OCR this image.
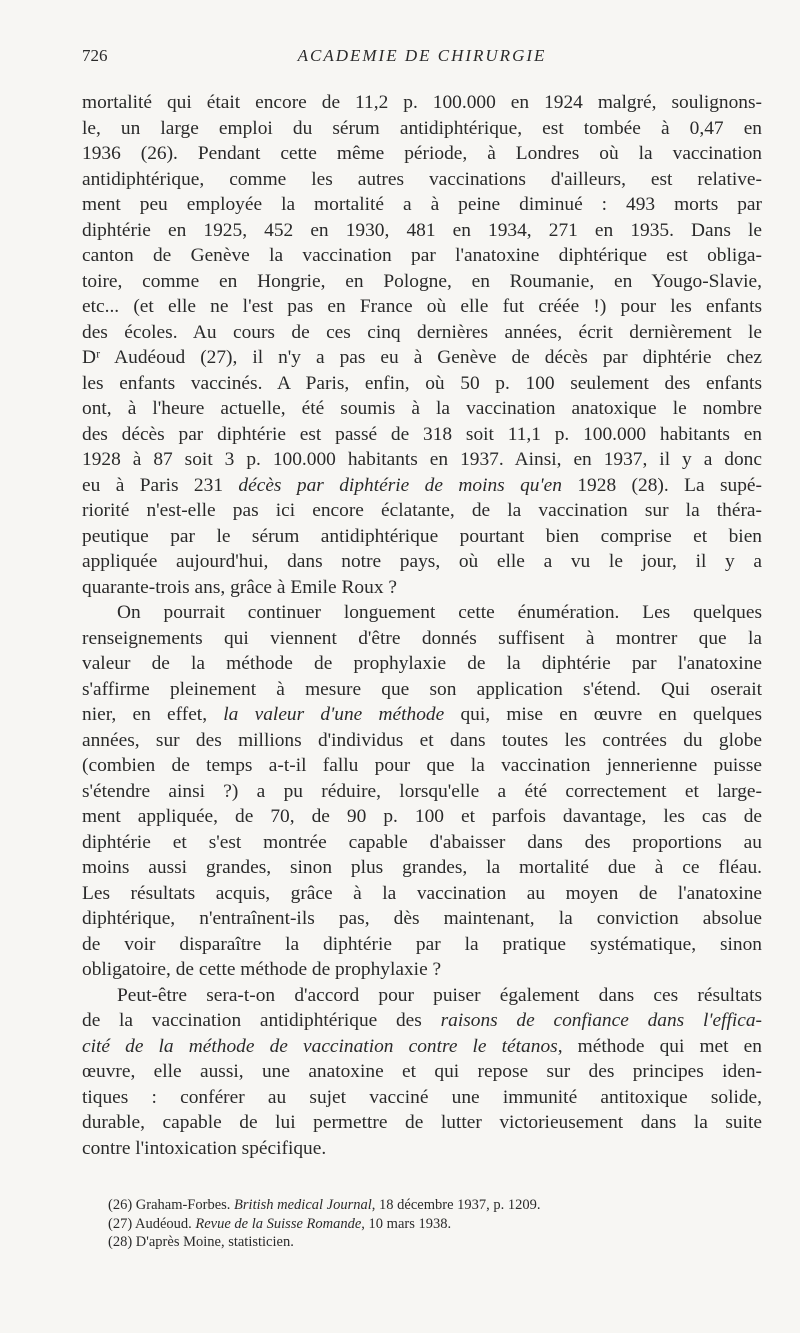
726	ACADEMIE DE CHIRURGIE
mortalité qui était encore de 11,2 p. 100.000 en 1924 malgré, soulignons-
le, un large emploi du sérum antidiphtérique, est tombée à 0,47 en
1936 (26). Pendant cette même période, à Londres où la vaccination
antidiphtérique, comme les autres vaccinations d'ailleurs, est relative-
ment peu employée la mortalité a à peine diminué : 493 morts par
diphtérie en 1925, 452 en 1930, 481 en 1934, 271 en 1935. Dans le
canton de Genève la vaccination par l'anatoxine diphtérique est obliga-
toire, comme en Hongrie, en Pologne, en Roumanie, en Yougo-Slavie,
etc... (et elle ne l'est pas en France où elle fut créée !) pour les enfants
des écoles. Au cours de ces cinq dernières années, écrit dernièrement le
Dʳ Audéoud (27), il n'y a pas eu à Genève de décès par diphtérie chez
les enfants vaccinés. A Paris, enfin, où 50 p. 100 seulement des enfants
ont, à l'heure actuelle, été soumis à la vaccination anatoxique le nombre
des décès par diphtérie est passé de 318 soit 11,1 p. 100.000 habitants en
1928 à 87 soit 3 p. 100.000 habitants en 1937. Ainsi, en 1937, il y a donc
eu à Paris 231 décès par diphtérie de moins qu'en 1928 (28). La supé-
riorité n'est-elle pas ici encore éclatante, de la vaccination sur la théra-
peutique par le sérum antidiphtérique pourtant bien comprise et bien
appliquée aujourd'hui, dans notre pays, où elle a vu le jour, il y a
quarante-trois ans, grâce à Emile Roux ?
On pourrait continuer longuement cette énumération. Les quelques
renseignements qui viennent d'être donnés suffisent à montrer que la
valeur de la méthode de prophylaxie de la diphtérie par l'anatoxine
s'affirme pleinement à mesure que son application s'étend. Qui oserait
nier, en effet, la valeur d'une méthode qui, mise en œuvre en quelques
années, sur des millions d'individus et dans toutes les contrées du globe
(combien de temps a-t-il fallu pour que la vaccination jennerienne puisse
s'étendre ainsi ?) a pu réduire, lorsqu'elle a été correctement et large-
ment appliquée, de 70, de 90 p. 100 et parfois davantage, les cas de
diphtérie et s'est montrée capable d'abaisser dans des proportions au
moins aussi grandes, sinon plus grandes, la mortalité due à ce fléau.
Les résultats acquis, grâce à la vaccination au moyen de l'anatoxine
diphtérique, n'entraînent-ils pas, dès maintenant, la conviction absolue
de voir disparaître la diphtérie par la pratique systématique, sinon
obligatoire, de cette méthode de prophylaxie ?
Peut-être sera-t-on d'accord pour puiser également dans ces résultats
de la vaccination antidiphtérique des raisons de confiance dans l'effica-
cité de la méthode de vaccination contre le tétanos, méthode qui met en
œuvre, elle aussi, une anatoxine et qui repose sur des principes iden-
tiques : conférer au sujet vacciné une immunité antitoxique solide,
durable, capable de lui permettre de lutter victorieusement dans la suite
contre l'intoxication spécifique.
(26) Graham-Forbes. British medical Journal, 18 décembre 1937, p. 1209.
(27) Audéoud. Revue de la Suisse Romande, 10 mars 1938.
(28) D'après Moine, statisticien.
